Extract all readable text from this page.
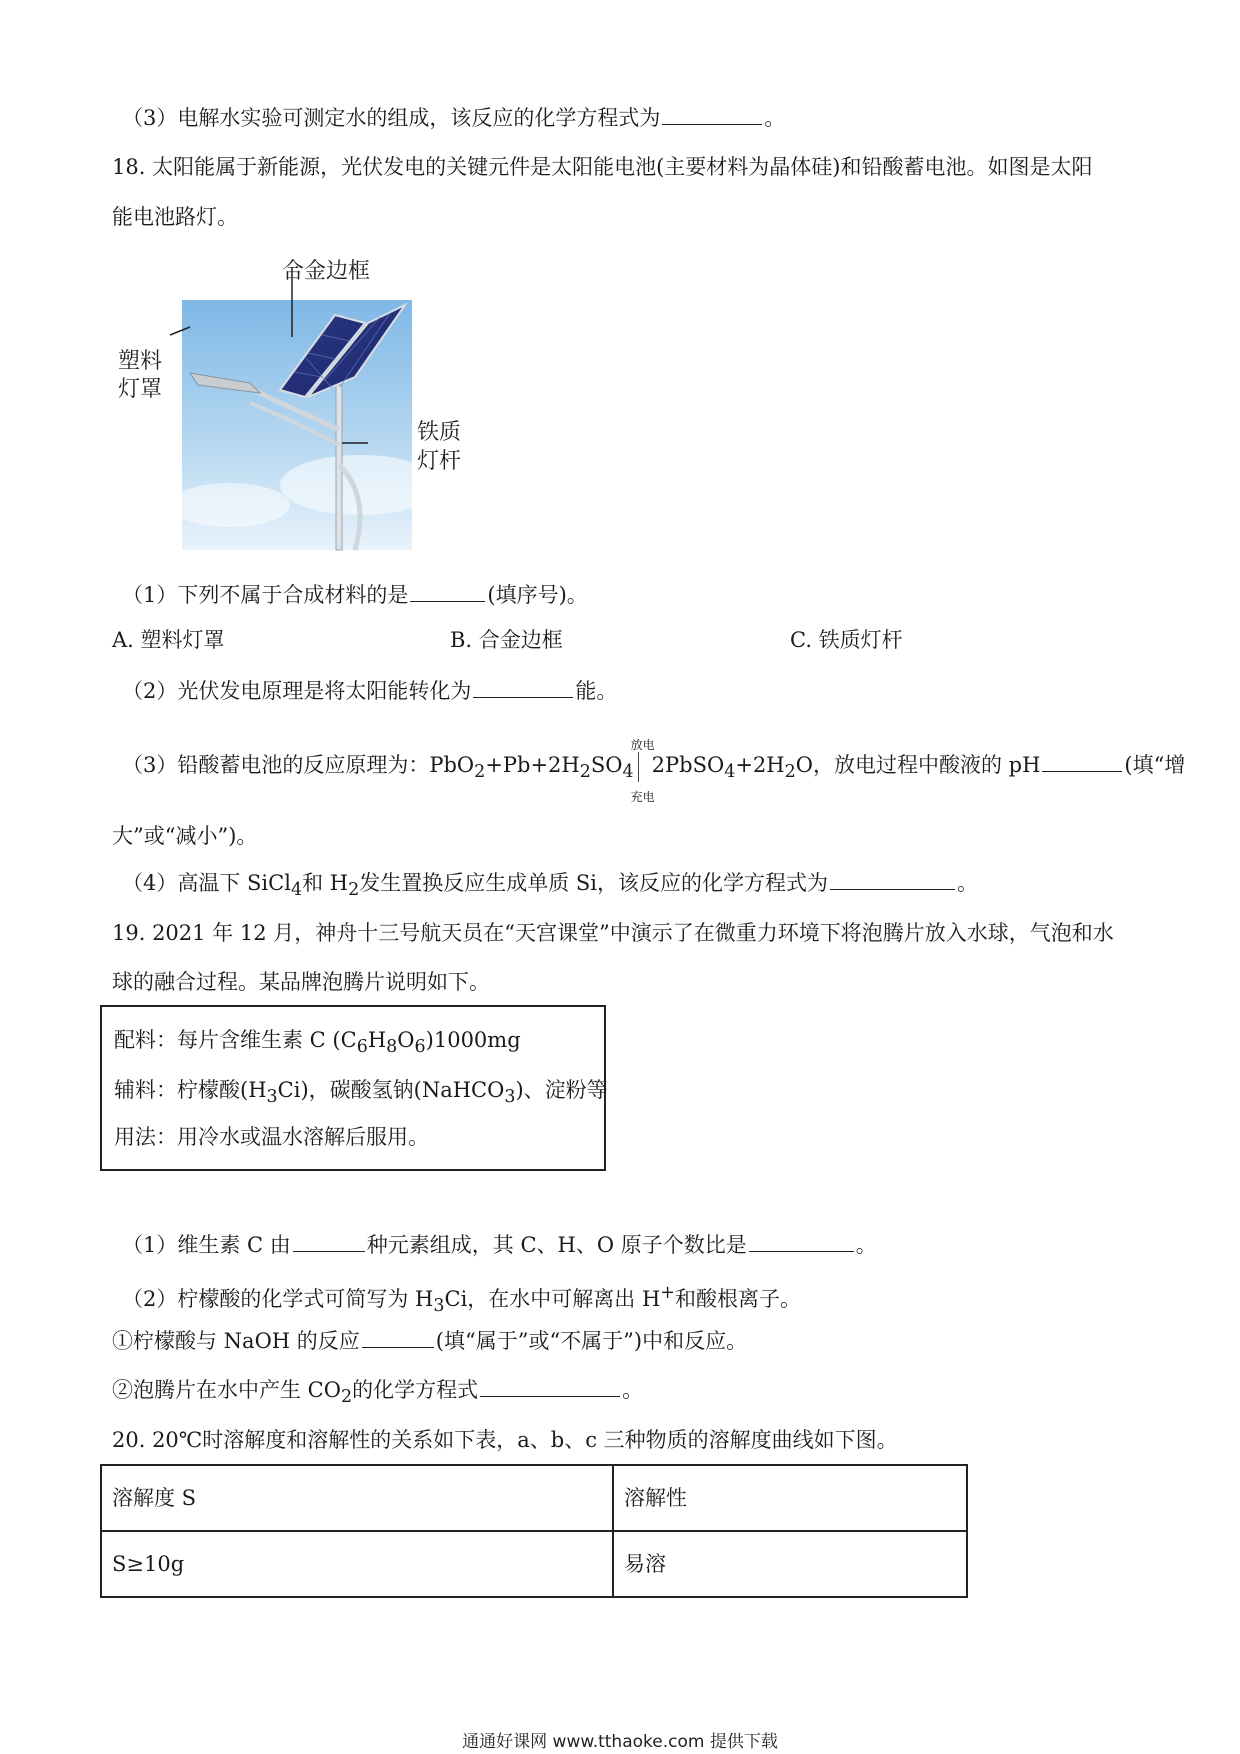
（3）电解水实验可测定水的组成，该反应的化学方程式为	。
18. 太阳能属于新能源，光伏发电的关键元件是太阳能电池(主要材料为晶体硅)和铅酸蓄电池。如图是太阳
能电池路灯。
合金边框
塑料
灯罩
铁质
灯杆
（1）下列不属于合成材料的是	(填序号)。
A. 塑料灯罩	B. 合金边框	C. 铁质灯杆
（2）光伏发电原理是将太阳能转化为	能。
（3）铅酸蓄电池的反应原理为：$PbO_2+Pb+2H_2SO_4$
放电
充电
$2PbSO_4+2H_2O$，放电过程中酸液的 pH	(填“增
大”或“减小”)。
（4）高温下 SiCl$_4$和 $H_2$发生置换反应生成单质 Si，该反应的化学方程式为	。
19. 2021 年 12 月，神舟十三号航天员在“天宫课堂”中演示了在微重力环境下将泡腾片放入水球，气泡和水
球的融合过程。某品牌泡腾片说明如下。
配料：每片含维生素 C $(C_6H_8O_6)1000mg$
辅料：柠檬酸$(H_3Ci)$，碳酸氢钠(NaHCO$_3$)、淀粉等
用法：用冷水或温水溶解后服用。
（1）维生素 C 由	种元素组成，其 C、H、O 原子个数比是	。
（2）柠檬酸的化学式可简写为 $H_3Ci$，在水中可解离出 H+和酸根离子。
①柠檬酸与 NaOH 的反应	(填“属于”或“不属于”)中和反应。
②泡腾片在水中产生 $CO_2$的化学方程式	。
20. 20℃时溶解度和溶解性的关系如下表，a、b、c 三种物质的溶解度曲线如下图。
溶解度 S	溶解性
S≥10g	易溶
通通好课网 www.tthaoke.com 提供下载
